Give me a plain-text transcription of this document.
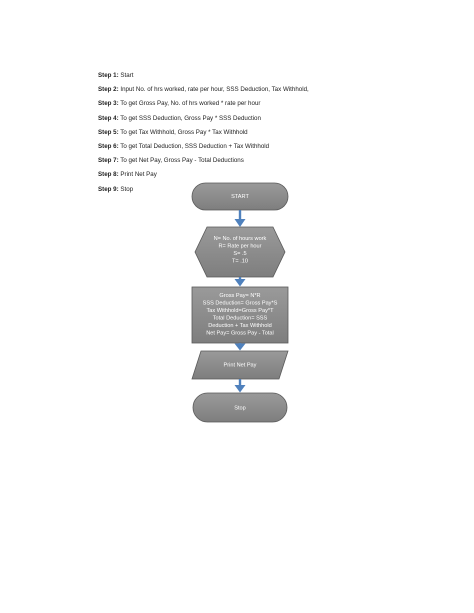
Step 1: Start
Step 2: Input No. of hrs worked, rate per hour, SSS Deduction, Tax Withhold,
Step 3: To get Gross Pay, No. of hrs worked * rate per hour
Step 4: To get SSS Deduction, Gross Pay * SSS Deduction
Step 5: To get Tax Withhold, Gross Pay * Tax Withhold
Step 6: To get Total Deduction, SSS Deduction + Tax Withhold
Step 7: To get Net Pay, Gross Pay - Total Deductions
Step 8: Print Net Pay
Step 9: Stop
START
N= No. of hours work
R= Rate per hour
S= .5
T= .10
Gross Pay= N*R
SSS Deduction= Gross Pay*S
Tax Withhold=Gross Pay*T
Total Deduction= SSS
Deduction + Tax Withhold
Net Pay= Gross Pay - Total
Print Net Pay
Stop
